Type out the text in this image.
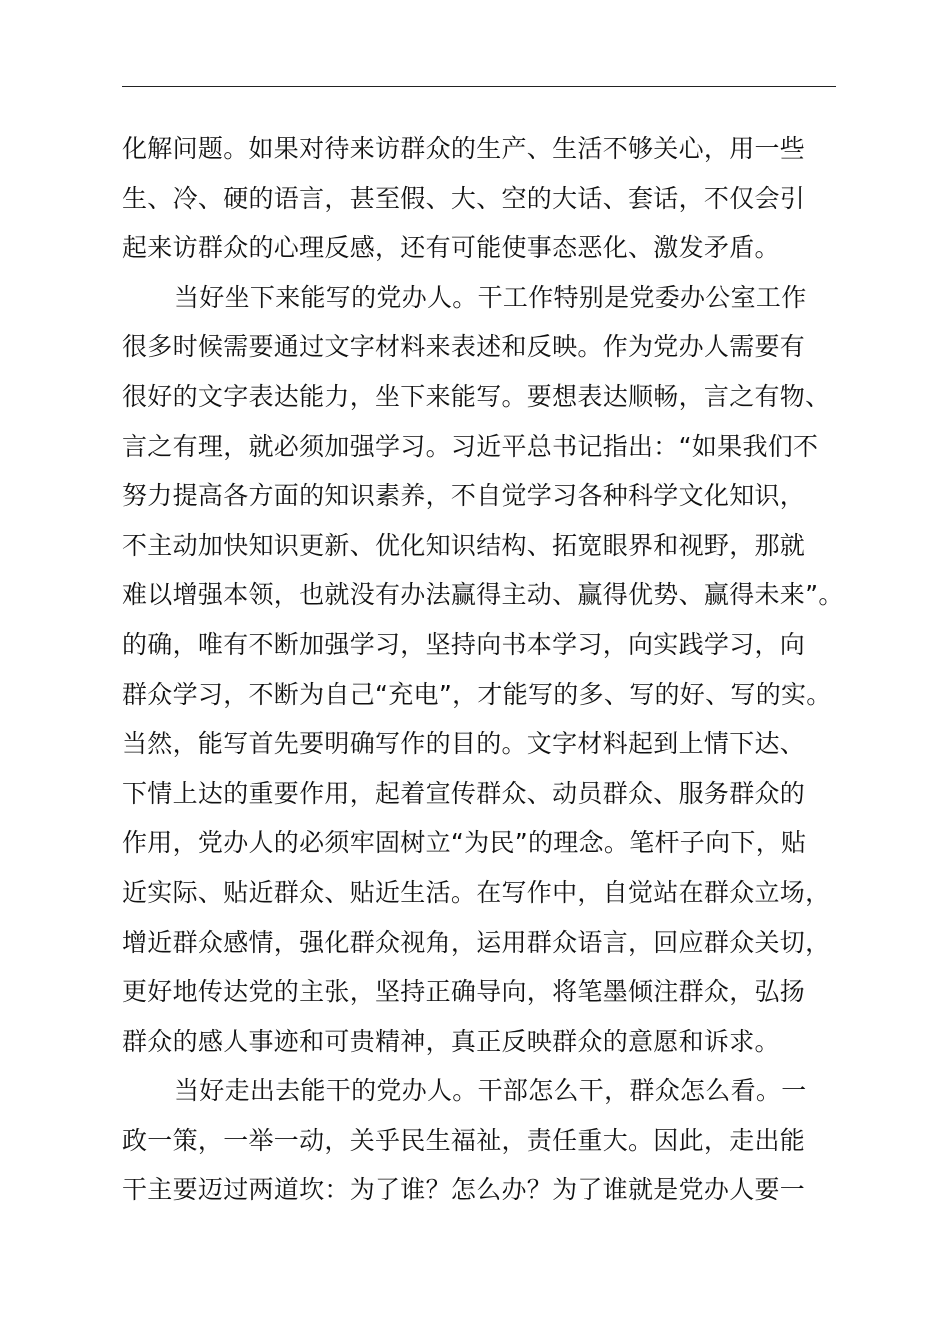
化解问题。如果对待来访群众的生产、生活不够关心，用一些
生、冷、硬的语言，甚至假、大、空的大话、套话，不仅会引
起来访群众的心理反感，还有可能使事态恶化、激发矛盾。
当好坐下来能写的党办人。干工作特别是党委办公室工作
很多时候需要通过文字材料来表述和反映。作为党办人需要有
很好的文字表达能力，坐下来能写。要想表达顺畅，言之有物、
言之有理，就必须加强学习。习近平总书记指出：“如果我们不
努力提高各方面的知识素养，不自觉学习各种科学文化知识，
不主动加快知识更新、优化知识结构、拓宽眼界和视野，那就
难以增强本领，也就没有办法赢得主动、赢得优势、赢得未来”。
的确，唯有不断加强学习，坚持向书本学习，向实践学习，向
群众学习，不断为自己“充电”，才能写的多、写的好、写的实。
当然，能写首先要明确写作的目的。文字材料起到上情下达、
下情上达的重要作用，起着宣传群众、动员群众、服务群众的
作用，党办人的必须牢固树立“为民”的理念。笔杆子向下，贴
近实际、贴近群众、贴近生活。在写作中，自觉站在群众立场，
增近群众感情，强化群众视角，运用群众语言，回应群众关切，
更好地传达党的主张，坚持正确导向，将笔墨倾注群众，弘扬
群众的感人事迹和可贵精神，真正反映群众的意愿和诉求。
当好走出去能干的党办人。干部怎么干，群众怎么看。一
政一策，一举一动，关乎民生福祉，责任重大。因此，走出能
干主要迈过两道坎：为了谁？怎么办？为了谁就是党办人要一
